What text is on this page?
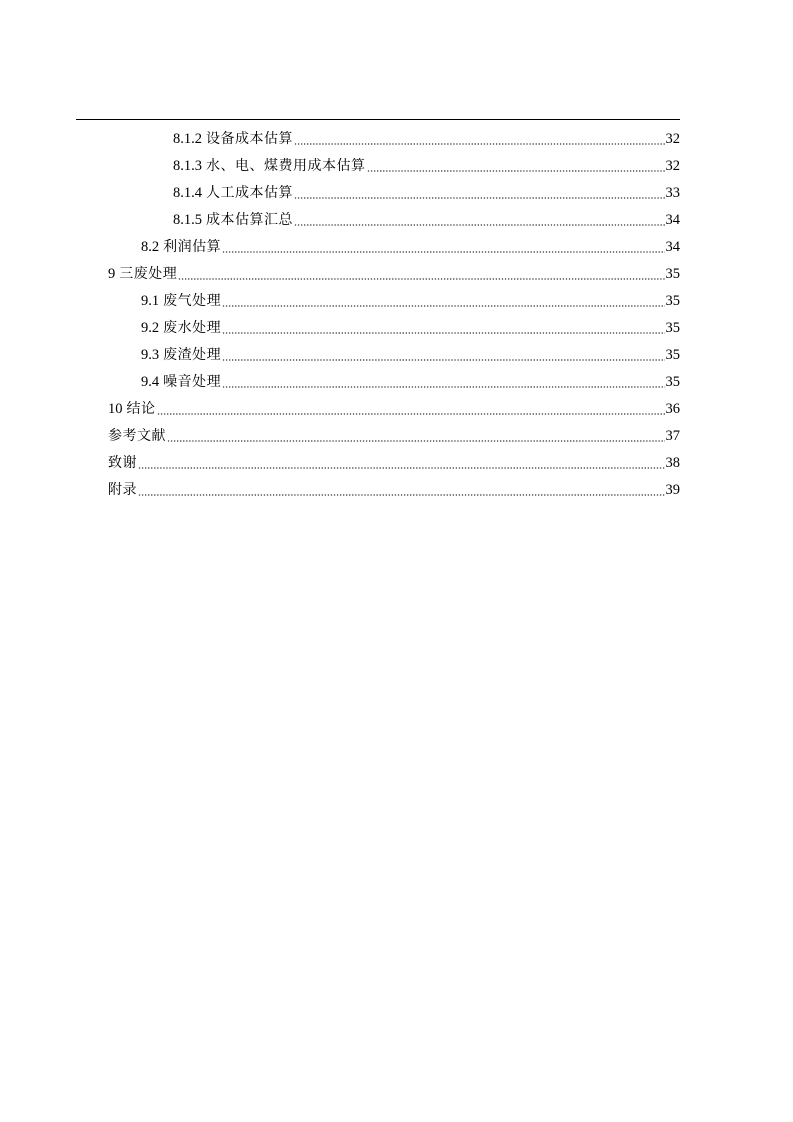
8.1.2 设备成本估算	32
8.1.3 水、电、煤费用成本估算	32
8.1.4 人工成本估算	33
8.1.5 成本估算汇总	34
8.2 利润估算	34
9 三废处理	35
9.1 废气处理	35
9.2 废水处理	35
9.3 废渣处理	35
9.4 噪音处理	35
10 结论	36
参考文献	37
致谢	38
附录	39
